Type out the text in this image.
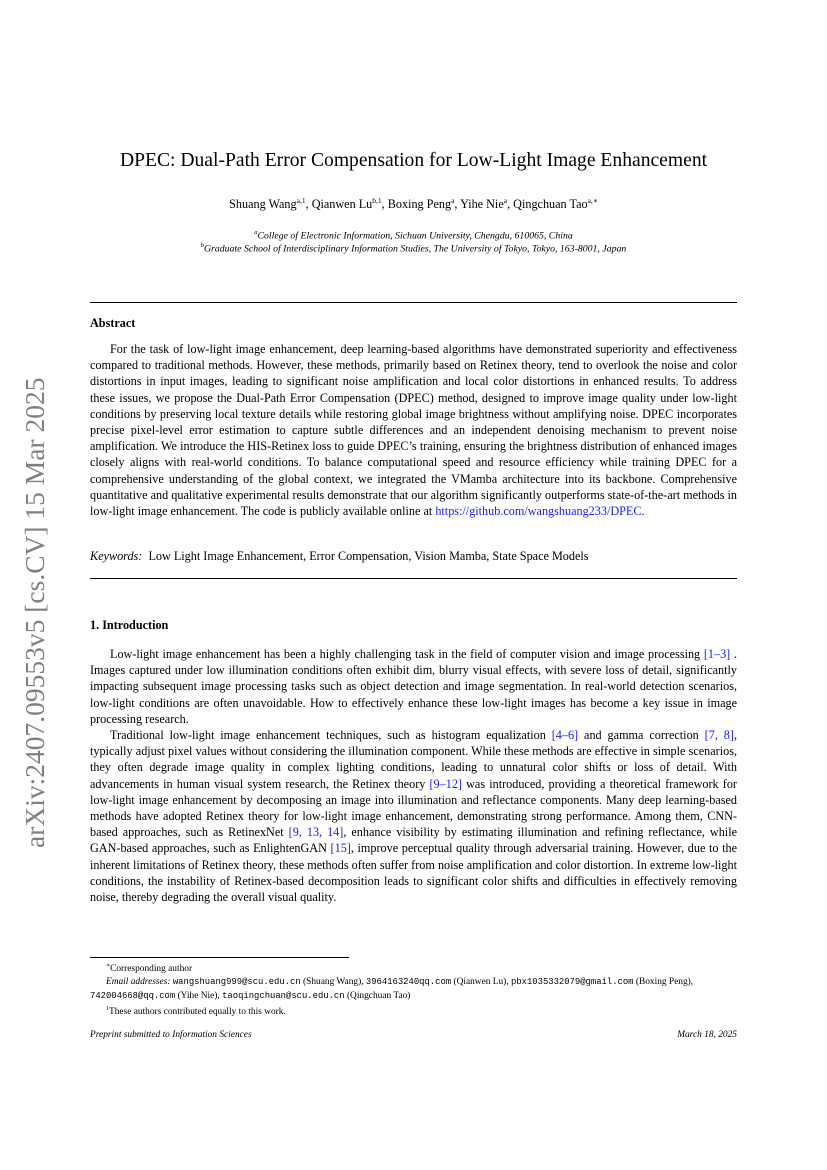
arXiv:2407.09553v5 [cs.CV] 15 Mar 2025
DPEC: Dual-Path Error Compensation for Low-Light Image Enhancement
Shuang Wang$^{a,1}$, Qianwen Lu$^{b,1}$, Boxing Peng$^a$, Yihe Nie$^a$, Qingchuan Tao$^{a,∗}$
$^a$College of Electronic Information, Sichuan University, Chengdu, 610065, China
$^b$Graduate School of Interdisciplinary Information Studies, The University of Tokyo, Tokyo, 163-8001, Japan
Abstract

For the task of low-light image enhancement, deep learning-based algorithms have demonstrated superiority and effectiveness compared to traditional methods. However, these methods, primarily based on Retinex theory, tend to overlook the noise and color distortions in input images, leading to significant noise amplification and local color distortions in enhanced results. To address these issues, we propose the Dual-Path Error Compensation (DPEC) method, designed to improve image quality under low-light conditions by preserving local texture details while restoring global image brightness without amplifying noise. DPEC incorporates precise pixel-level error estimation to capture subtle differences and an independent denoising mechanism to prevent noise amplification. We introduce the HIS-Retinex loss to guide DPEC’s training, ensuring the brightness distribution of enhanced images closely aligns with real-world conditions. To balance computational speed and resource efficiency while training DPEC for a comprehensive understanding of the global context, we integrated the VMamba architecture into its backbone. Comprehensive quantitative and qualitative experimental results demonstrate that our algorithm significantly outperforms state-of-the-art methods in low-light image enhancement. The code is publicly available online at https://github.com/wangshuang233/DPEC.

Keywords: Low Light Image Enhancement, Error Compensation, Vision Mamba, State Space Models
1. Introduction

Low-light image enhancement has been a highly challenging task in the field of computer vision and image processing [1–3] . Images captured under low illumination conditions often exhibit dim, blurry visual effects, with severe loss of detail, significantly impacting subsequent image processing tasks such as object detection and image segmentation. In real-world detection scenarios, low-light conditions are often unavoidable. How to effectively enhance these low-light images has become a key issue in image processing research.

Traditional low-light image enhancement techniques, such as histogram equalization [4–6] and gamma correction [7, 8], typically adjust pixel values without considering the illumination component. While these methods are effective in simple scenarios, they often degrade image quality in complex lighting conditions, leading to unnatural color shifts or loss of detail. With advancements in human visual system research, the Retinex theory [9–12] was introduced, providing a theoretical framework for low-light image enhancement by decomposing an image into illumination and reflectance components. Many deep learning-based methods have adopted Retinex theory for low-light image enhancement, demonstrating strong performance. Among them, CNN-based approaches, such as RetinexNet [9, 13, 14], enhance visibility by estimating illumination and refining reflectance, while GAN-based approaches, such as EnlightenGAN [15], improve perceptual quality through adversarial training. However, due to the inherent limitations of Retinex theory, these methods often suffer from noise amplification and color distortion. In extreme low-light conditions, the instability of Retinex-based decomposition leads to significant color shifts and difficulties in effectively removing noise, thereby degrading the overall visual quality.

∗Corresponding author

Email addresses: wangshuang999@scu.edu.cn (Shuang Wang), 3964163240qq.com (Qianwen Lu), pbx1035332079@gmail.com (Boxing Peng), 742004668@qq.com (Yihe Nie), taoqingchuan@scu.edu.cn (Qingchuan Tao)

$^1$These authors contributed equally to this work.

Preprint submitted to Information Sciences	March 18, 2025
